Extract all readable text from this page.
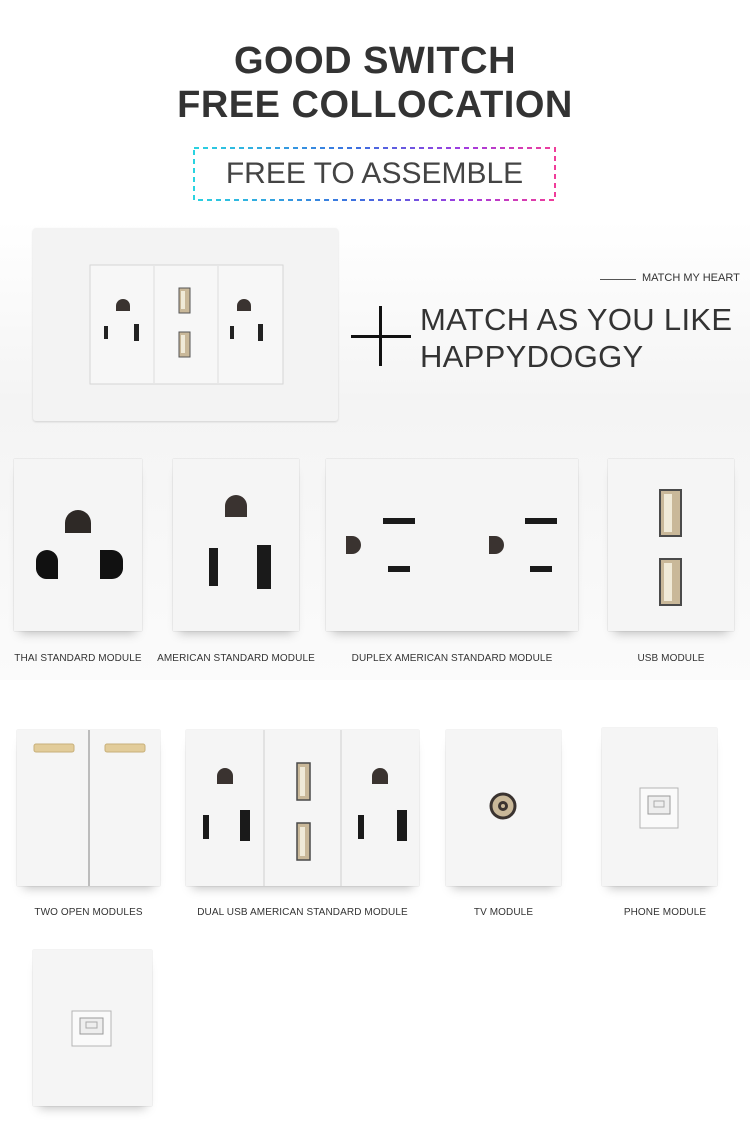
GOOD SWITCH
FREE COLLOCATION
FREE TO ASSEMBLE
MATCH MY HEART
MATCH AS YOU LIKE
HAPPYDOGGY
THAI STANDARD MODULE	AMERICAN STANDARD MODULE	DUPLEX AMERICAN STANDARD MODULE	USB MODULE
TWO OPEN MODULES	DUAL USB AMERICAN STANDARD MODULE	TV MODULE	PHONE MODULE
